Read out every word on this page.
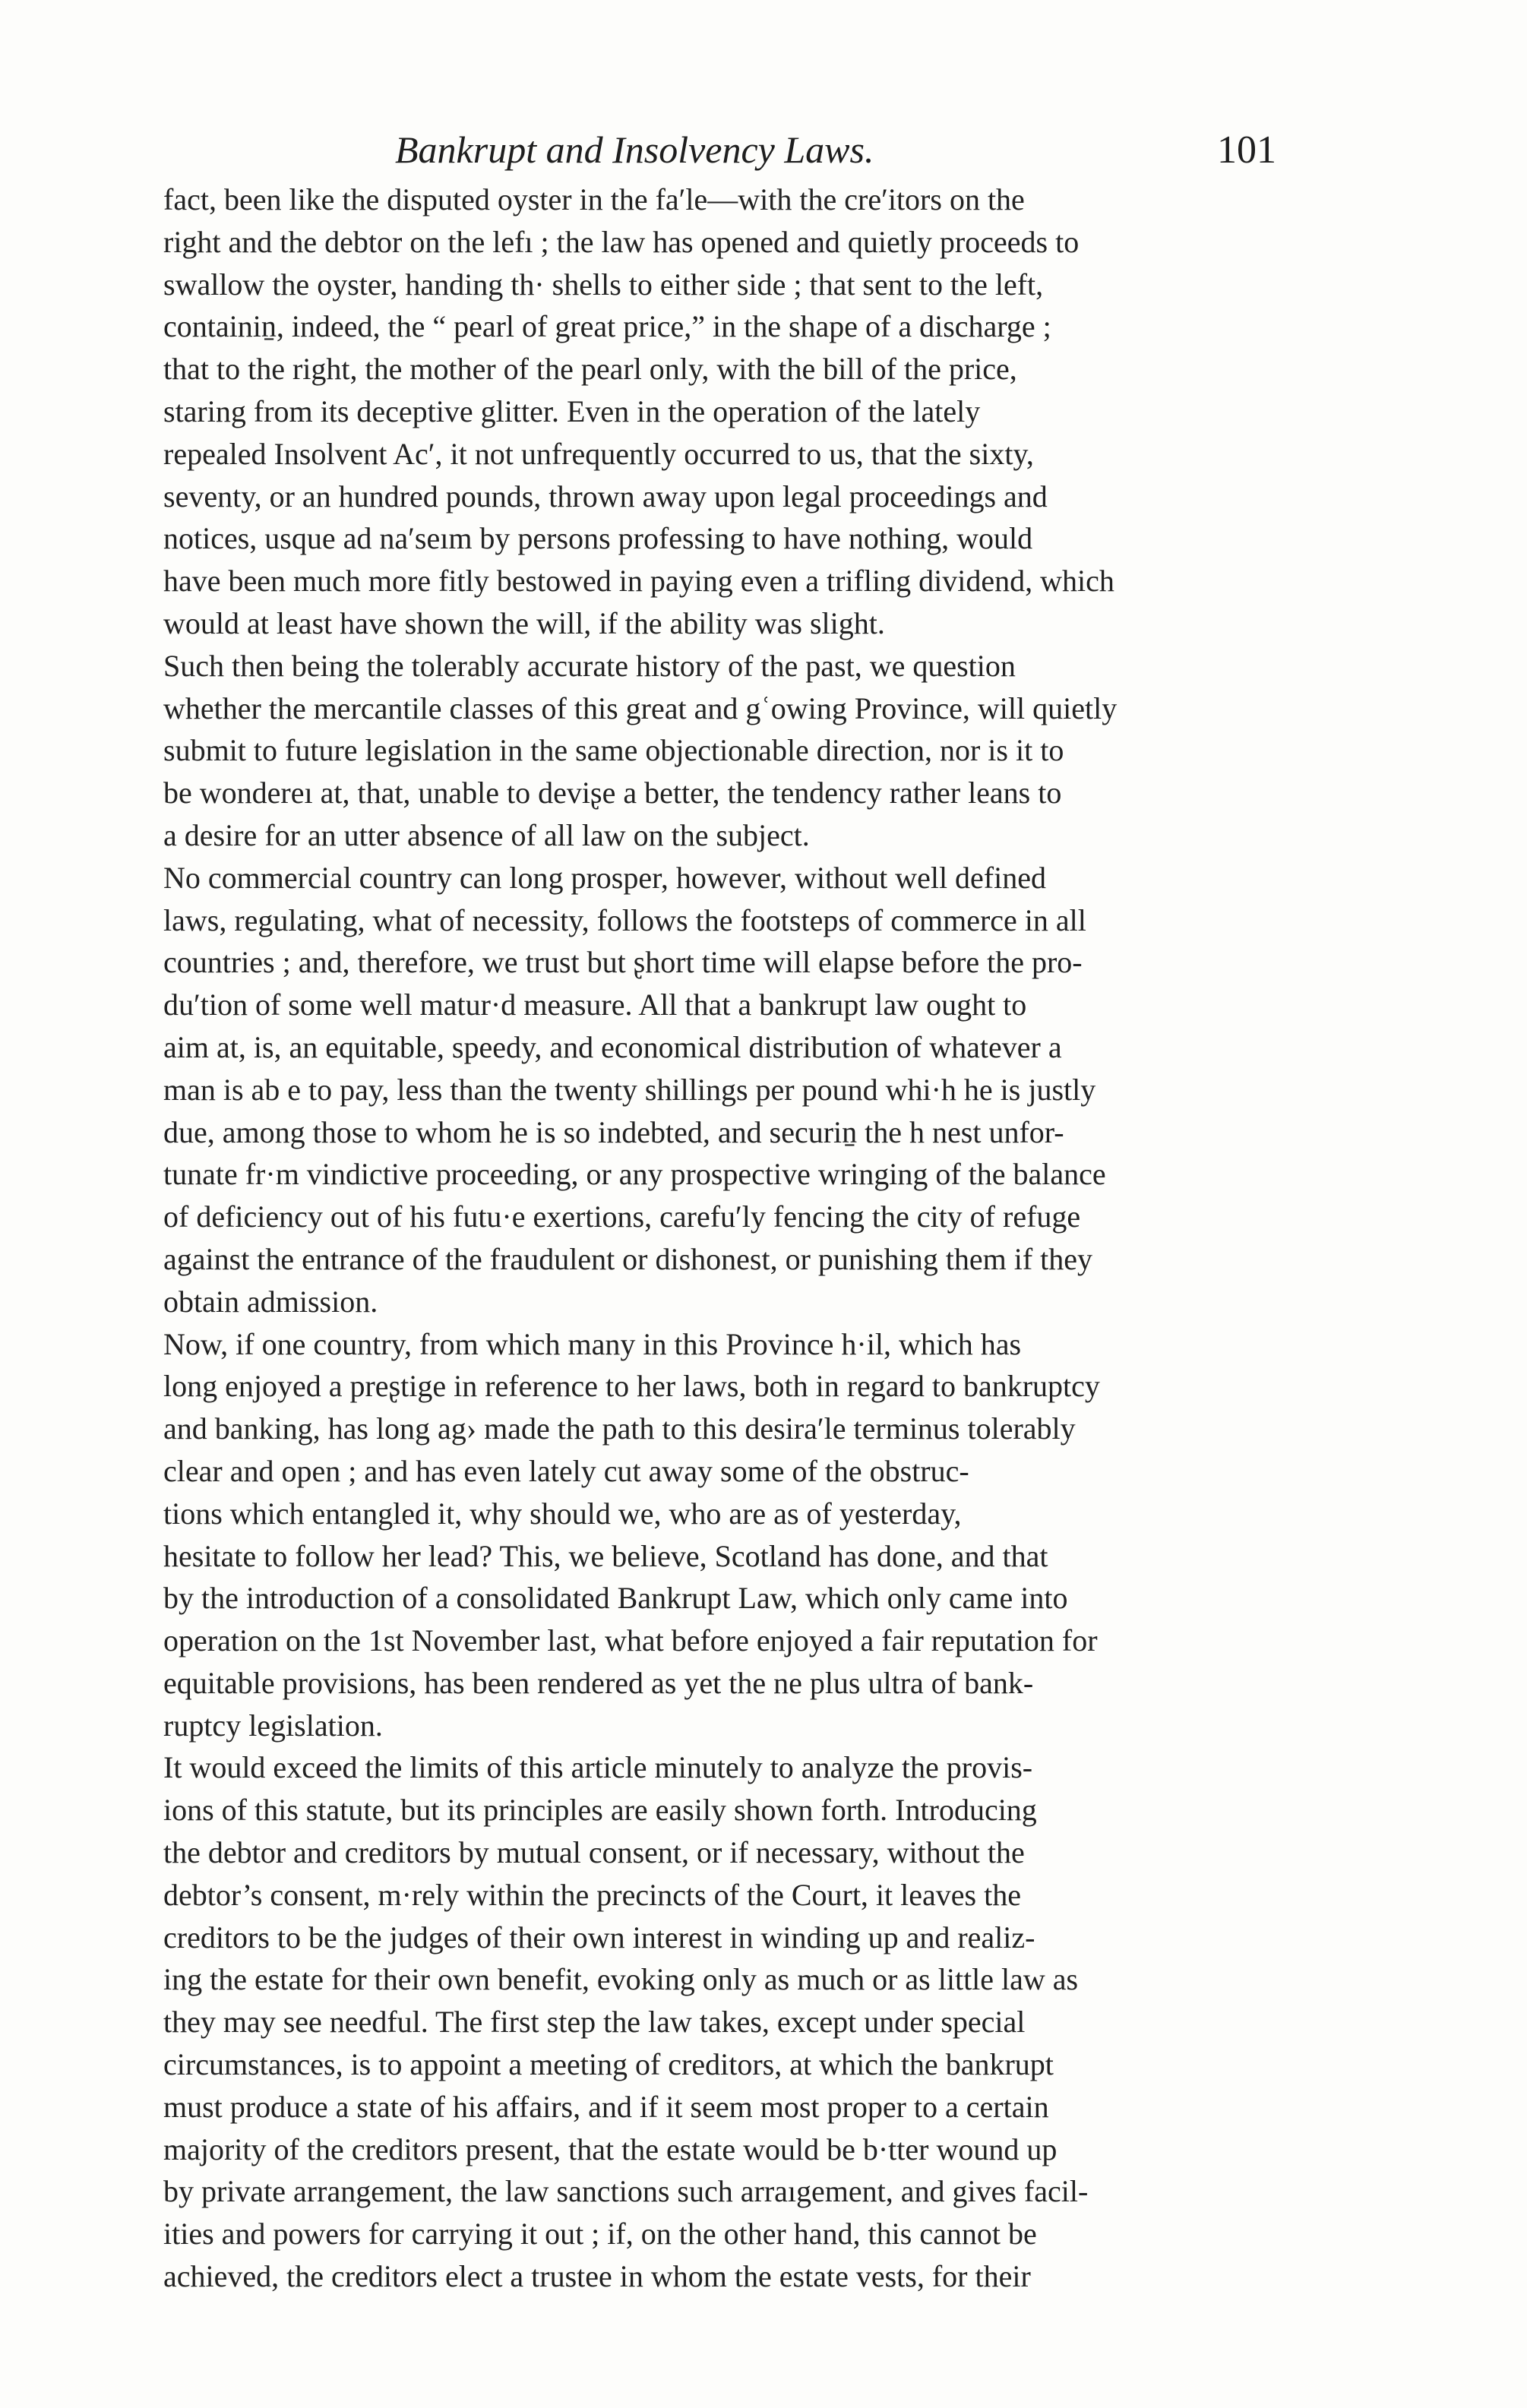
Bankrupt and Insolvency Laws.	101
fact, been like the disputed oyster in the faʹle—with the creʹitors on the
right and the debtor on the lefı ; the law has opened and quietly proceeds to
swallow the oyster, handing th· shells to either side ; that sent to the left,
containiṉ, indeed, the “ pearl of great price,” in the shape of a discharge ;
that to the right, the mother of the pearl only, with the bill of the price,
staring from its deceptive glitter. Even in the operation of the lately
repealed Insolvent Acʹ, it not unfrequently occurred to us, that the sixty,
seventy, or an hundred pounds, thrown away upon legal proceedings and
notices, usque ad naʹseım by persons professing to have nothing, would
have been much more fitly bestowed in paying even a trifling dividend, which
would at least have shown the will, if the ability was slight.
Such then being the tolerably accurate history of the past, we question
whether the mercantile classes of this great and gʿowing Province, will quietly
submit to future legislation in the same objectionable direction, nor is it to
be wondereı at, that, unable to deviʂe a better, the tendency rather leans to
a desire for an utter absence of all law on the subject.
No commercial country can long prosper, however, without well defined
laws, regulating, what of necessity, follows the footsteps of commerce in all
countries ; and, therefore, we trust but ʂhort time will elapse before the pro-
duʹtion of some well matur·d measure. All that a bankrupt law ought to
aim at, is, an equitable, speedy, and economical distribution of whatever a
man is ab e to pay, less than the twenty shillings per pound whi·h he is justly
due, among those to whom he is so indebted, and securiṉ the h nest unfor-
tunate fr·m vindictive proceeding, or any prospective wringing of the balance
of deficiency out of his futu·e exertions, carefuʹly fencing the city of refuge
against the entrance of the fraudulent or dishonest, or punishing them if they
obtain admission.
Now, if one country, from which many in this Province h·il, which has
long enjoyed a preʂtige in reference to her laws, both in regard to bankruptcy
and banking, has long ag› made the path to this desiraʹle terminus tolerably
clear and open ; and has even lately cut away some of the obstruc-
tions which entangled it, why should we, who are as of yesterday,
hesitate to follow her lead? This, we believe, Scotland has done, and that
by the introduction of a consolidated Bankrupt Law, which only came into
operation on the 1st November last, what before enjoyed a fair reputation for
equitable provisions, has been rendered as yet the ne plus ultra of bank-
ruptcy legislation.
It would exceed the limits of this article minutely to analyze the provis-
ions of this statute, but its principles are easily shown forth. Introducing
the debtor and creditors by mutual consent, or if necessary, without the
debtor’s consent, m·rely within the precincts of the Court, it leaves the
creditors to be the judges of their own interest in winding up and realiz-
ing the estate for their own benefit, evoking only as much or as little law as
they may see needful. The first step the law takes, except under special
circumstances, is to appoint a meeting of creditors, at which the bankrupt
must produce a state of his affairs, and if it seem most proper to a certain
majority of the creditors present, that the estate would be b·tter wound up
by private arrangement, the law sanctions such arraıgement, and gives facil-
ities and powers for carrying it out ; if, on the other hand, this cannot be
achieved, the creditors elect a trustee in whom the estate vests, for their
